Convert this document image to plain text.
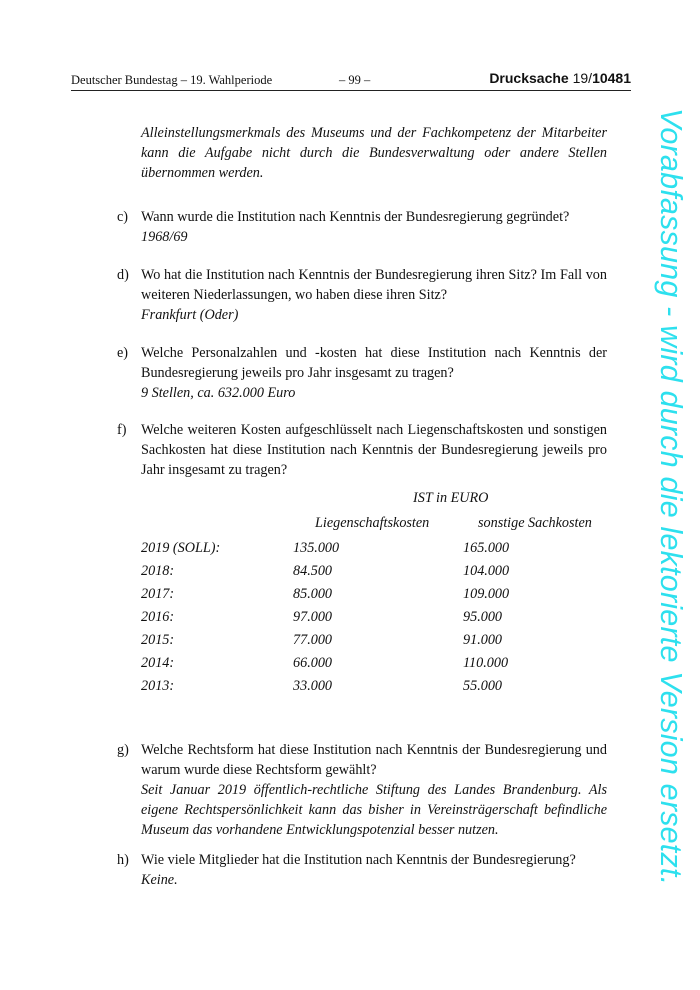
Deutscher Bundestag – 19. Wahlperiode	– 99 –	Drucksache 19/10481
Alleinstellungsmerkmals des Museums und der Fachkompetenz der Mitarbeiter kann die Aufgabe nicht durch die Bundesverwaltung oder andere Stellen übernommen werden.
c) Wann wurde die Institution nach Kenntnis der Bundesregierung gegründet?
1968/69
d) Wo hat die Institution nach Kenntnis der Bundesregierung ihren Sitz? Im Fall von weiteren Niederlassungen, wo haben diese ihren Sitz?
Frankfurt (Oder)
e) Welche Personalzahlen und -kosten hat diese Institution nach Kenntnis der Bundesregierung jeweils pro Jahr insgesamt zu tragen?
9 Stellen, ca. 632.000 Euro
f)	Welche weiteren Kosten aufgeschlüsselt nach Liegenschaftskosten und sonstigen Sachkosten hat diese Institution nach Kenntnis der Bundesregierung jeweils pro Jahr insgesamt zu tragen?
IST in EURO
Liegenschaftskosten	sonstige Sachkosten
2019 (SOLL):	135.000	165.000
2018:	84.500	104.000
2017:	85.000	109.000
2016:	97.000	95.000
2015:	77.000	91.000
2014:	66.000	110.000
2013:	33.000	55.000
g) Welche Rechtsform hat diese Institution nach Kenntnis der Bundesregierung und warum wurde diese Rechtsform gewählt?
Seit Januar 2019 öffentlich-rechtliche Stiftung des Landes Brandenburg. Als eigene Rechtspersönlichkeit kann das bisher in Vereinsträgerschaft befindliche Museum das vorhandene Entwicklungspotenzial besser nutzen.
h) Wie viele Mitglieder hat die Institution nach Kenntnis der Bundesregierung?
Keine.	Vorabfassung - wird durch die lektorierte Version ersetzt.
